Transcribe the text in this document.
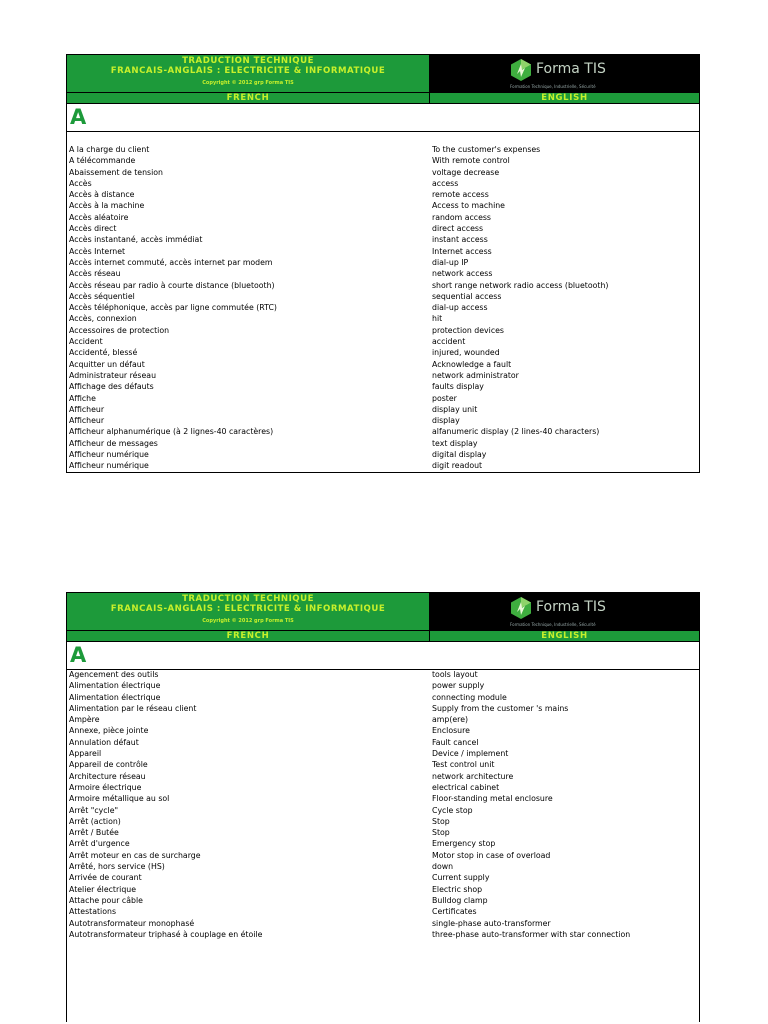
TRADUCTION TECHNIQUE
FRANCAIS-ANGLAIS : ELECTRICITE & INFORMATIQUE
Copyright © 2012 grp Forma TIS
Forma TIS
Formation Technique, Industrielle, Sécurité
FRENCH	ENGLISH
A
A la charge du client	To the customer's expenses
A télécommande	With remote control
Abaissement de tension	voltage decrease
Accès	access
Accès à distance	remote access
Accès à la machine	Access to machine
Accès aléatoire	random access
Accès direct	direct access
Accès instantané, accès immédiat	instant access
Accès Internet	Internet access
Accès internet commuté, accès internet par modem	dial-up IP
Accès réseau	network access
Accès réseau par radio à courte distance (bluetooth)	short range network radio access (bluetooth)
Accès séquentiel	sequential access
Accès téléphonique, accès par ligne commutée (RTC)	dial-up access
Accès, connexion	hit
Accessoires de protection	protection devices
Accident	accident
Accidenté, blessé	injured, wounded
Acquitter un défaut	Acknowledge a fault
Administrateur réseau	network administrator
Affichage des défauts	faults display
Affiche	poster
Afficheur	display unit
Afficheur	display
Afficheur alphanumérique (à 2 lignes-40 caractères)	alfanumeric display (2 lines-40 characters)
Afficheur de messages	text display
Afficheur numérique	digital display
Afficheur numérique	digit readout
TRADUCTION TECHNIQUE
FRANCAIS-ANGLAIS : ELECTRICITE & INFORMATIQUE
Copyright © 2012 grp Forma TIS
Forma TIS
Formation Technique, Industrielle, Sécurité
FRENCH	ENGLISH
A
Agencement des outils	tools layout
Alimentation électrique	power supply
Alimentation électrique	connecting module
Alimentation par le réseau client	Supply from the customer 's mains
Ampère	amp(ere)
Annexe, pièce jointe	Enclosure
Annulation défaut	Fault cancel
Appareil	Device / implement
Appareil de contrôle	Test control unit
Architecture réseau	network architecture
Armoire électrique	electrical cabinet
Armoire métallique au sol	Floor-standing metal enclosure
Arrêt "cycle"	Cycle stop
Arrêt (action)	Stop
Arrêt / Butée	Stop
Arrêt d'urgence	Emergency stop
Arrêt moteur en cas de surcharge	Motor stop in case of overload
Arrêté, hors service (HS)	down
Arrivée de courant	Current supply
Atelier électrique	Electric shop
Attache pour câble	Bulldog clamp
Attestations	Certificates
Autotransformateur monophasé	single-phase auto-transformer
Autotransformateur triphasé à couplage en étoile	three-phase auto-transformer with star connection
